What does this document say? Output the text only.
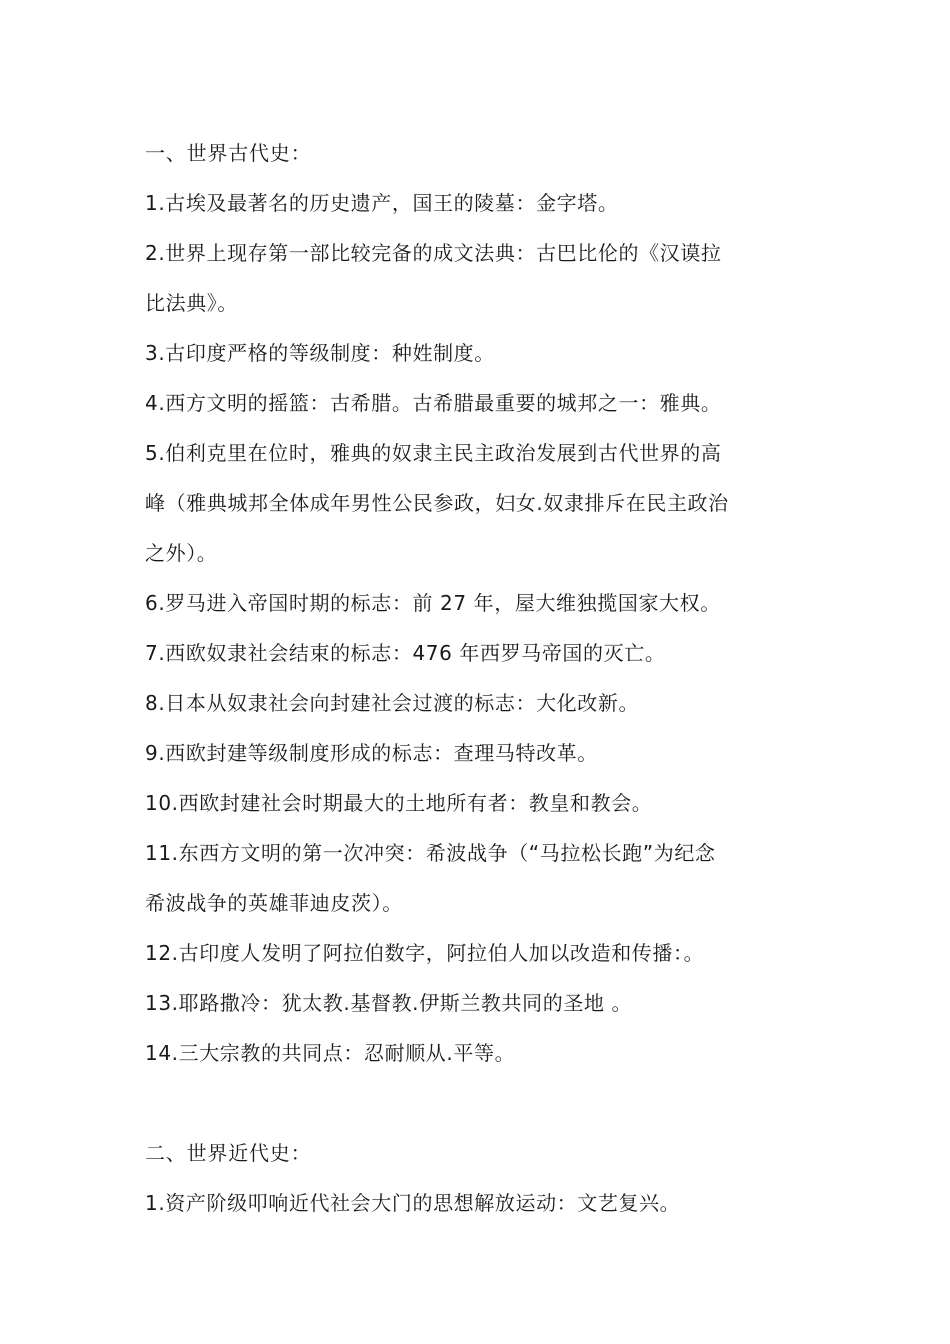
一、世界古代史：
1.古埃及最著名的历史遗产，国王的陵墓：金字塔。
2.世界上现存第一部比较完备的成文法典：古巴比伦的《汉谟拉
比法典》。
3.古印度严格的等级制度：种姓制度。
4.西方文明的摇篮：古希腊。古希腊最重要的城邦之一：雅典。
5.伯利克里在位时，雅典的奴隶主民主政治发展到古代世界的高
峰（雅典城邦全体成年男性公民参政，妇女.奴隶排斥在民主政治
之外）。
6.罗马进入帝国时期的标志：前 27 年，屋大维独揽国家大权。
7.西欧奴隶社会结束的标志：476 年西罗马帝国的灭亡。
8.日本从奴隶社会向封建社会过渡的标志：大化改新。
9.西欧封建等级制度形成的标志：查理马特改革。
10.西欧封建社会时期最大的土地所有者：教皇和教会。
11.东西方文明的第一次冲突：希波战争（“马拉松长跑”为纪念
希波战争的英雄菲迪皮茨）。
12.古印度人发明了阿拉伯数字，阿拉伯人加以改造和传播：。
13.耶路撒冷：犹太教.基督教.伊斯兰教共同的圣地 。
14.三大宗教的共同点：忍耐顺从.平等。
二、世界近代史：
1.资产阶级叩响近代社会大门的思想解放运动：文艺复兴。
